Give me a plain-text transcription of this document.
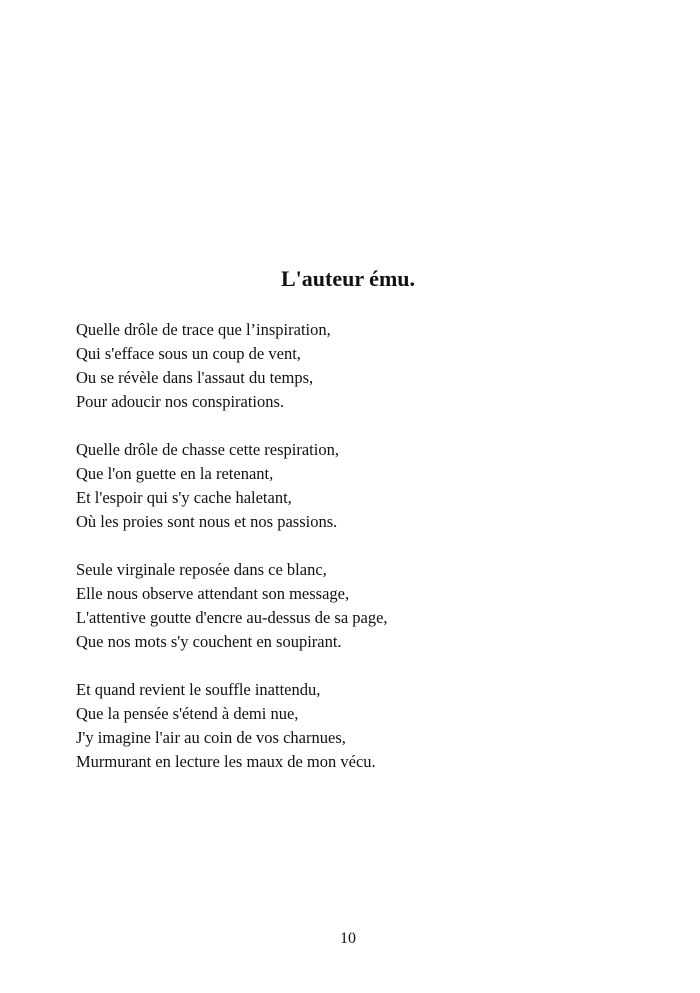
L'auteur ému.
Quelle drôle de trace que l’inspiration,
Qui s'efface sous un coup de vent,
Ou se révèle dans l'assaut du temps,
Pour adoucir nos conspirations.
Quelle drôle de chasse cette respiration,
Que l'on guette en la retenant,
Et l'espoir qui s'y cache haletant,
Où les proies sont nous et nos passions.
Seule virginale reposée dans ce blanc,
Elle nous observe attendant son message,
L'attentive goutte d'encre au-dessus de sa page,
Que nos mots s'y couchent en soupirant.
Et quand revient le souffle inattendu,
Que la pensée s'étend à demi nue,
J'y imagine l'air au coin de vos charnues,
Murmurant en lecture les maux de mon vécu.
10
